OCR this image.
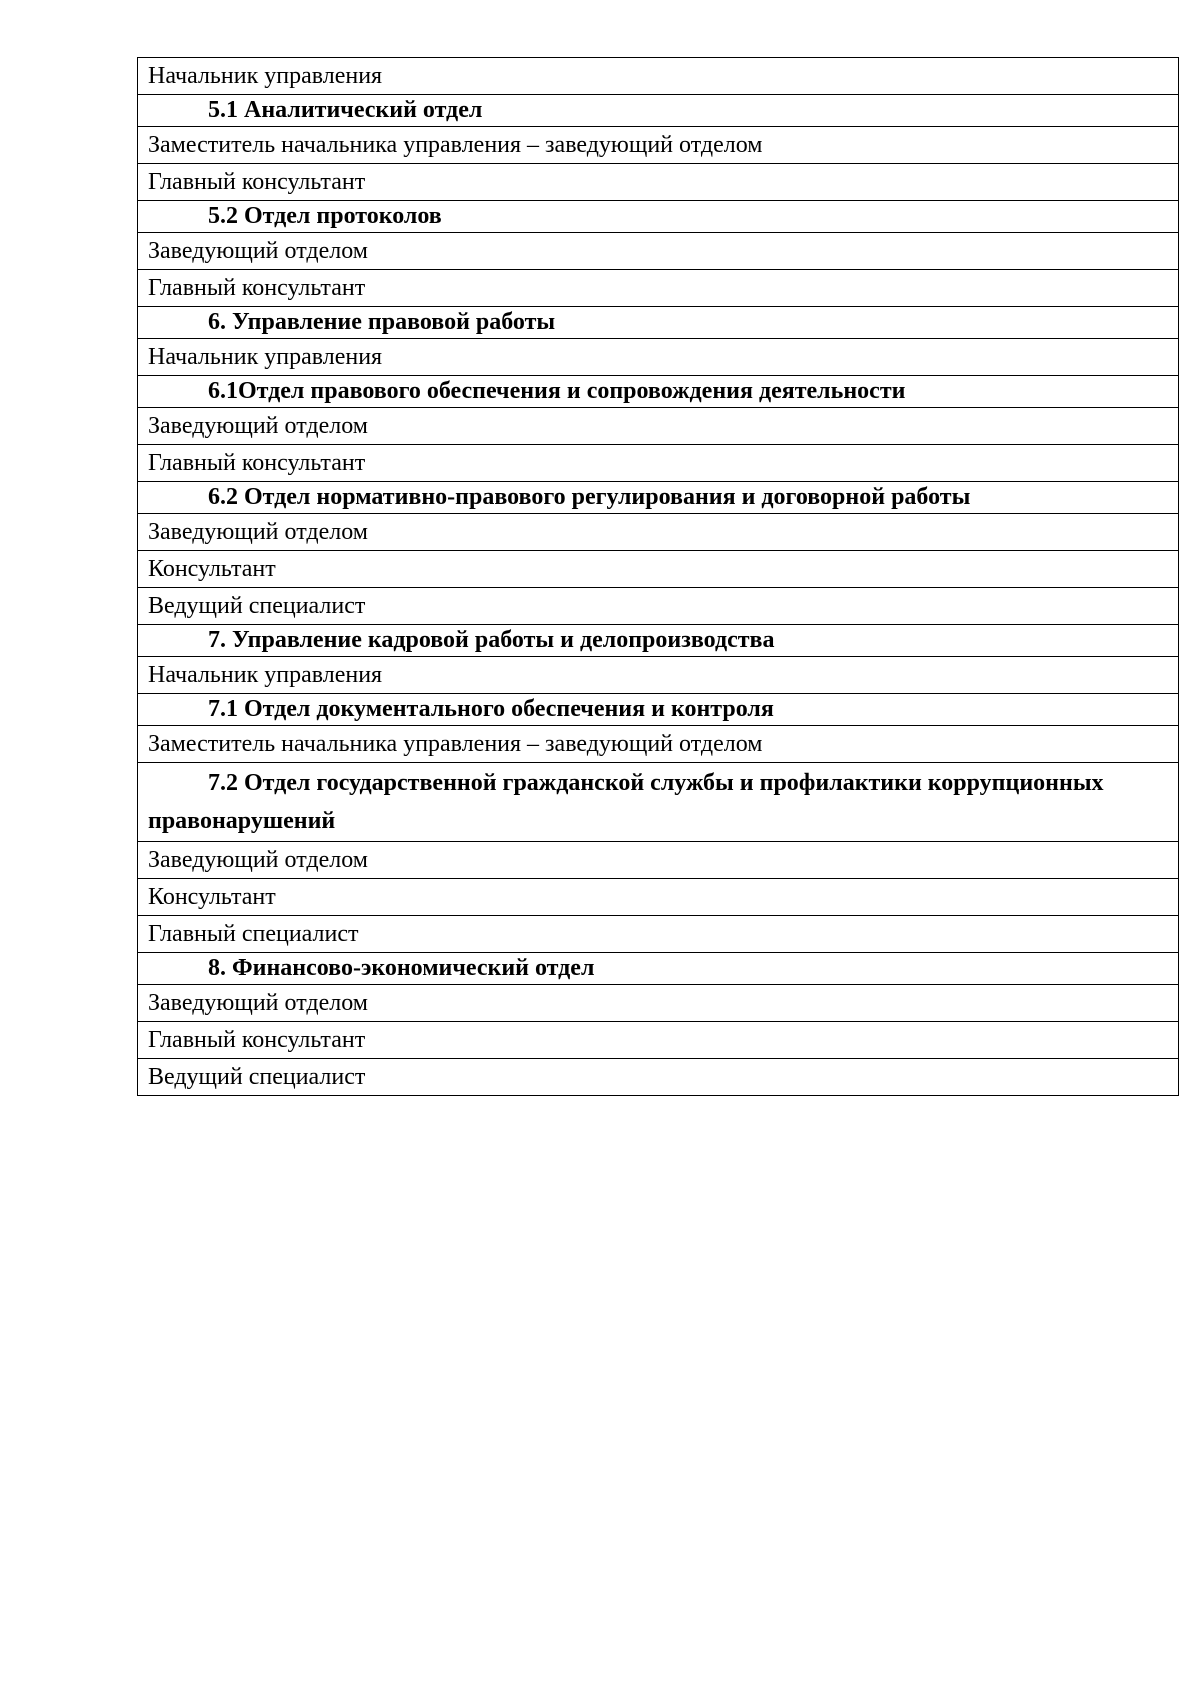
Начальник управления
5.1 Аналитический отдел
Заместитель начальника управления – заведующий отделом
Главный консультант
5.2 Отдел протоколов
Заведующий отделом
Главный консультант
6. Управление правовой работы
Начальник управления
6.1Отдел правового обеспечения и сопровождения деятельности
Заведующий отделом
Главный консультант
6.2 Отдел нормативно-правового регулирования и договорной работы
Заведующий отделом
Консультант
Ведущий специалист
7. Управление кадровой работы и делопроизводства
Начальник управления
7.1 Отдел документального обеспечения и контроля
Заместитель начальника управления – заведующий отделом
7.2 Отдел государственной гражданской службы и профилактики коррупционных правонарушений
Заведующий отделом
Консультант
Главный специалист
8. Финансово-экономический отдел
Заведующий отделом
Главный консультант
Ведущий специалист
